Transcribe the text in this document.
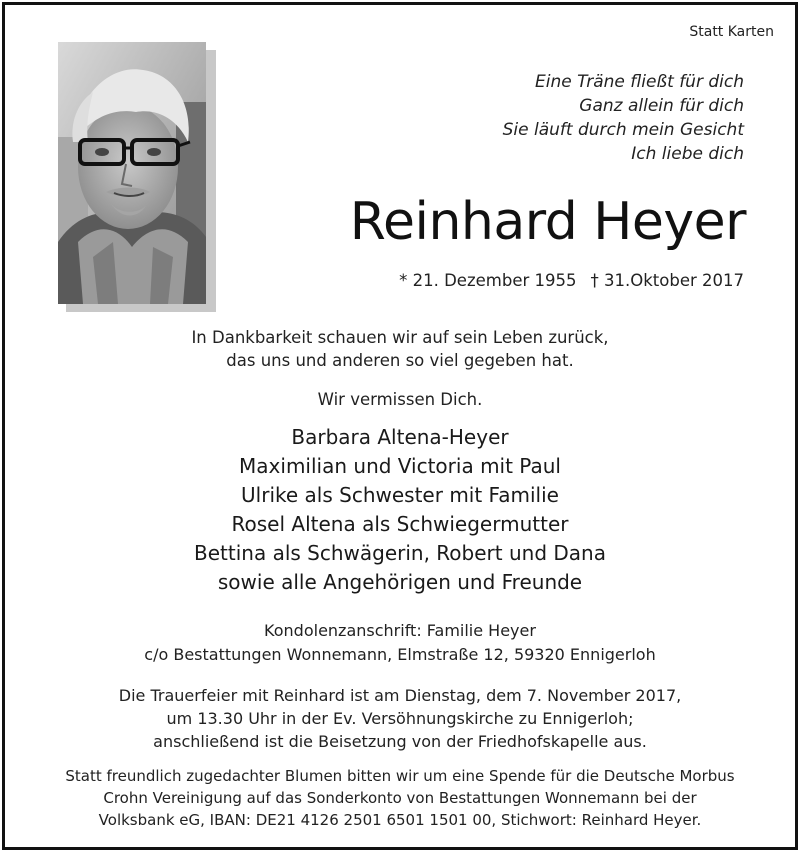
Statt Karten
Eine Träne fließt für dich
Ganz allein für dich
Sie läuft durch mein Gesicht
Ich liebe dich
Reinhard Heyer
* 21. Dezember 1955 † 31.Oktober 2017
In Dankbarkeit schauen wir auf sein Leben zurück,
das uns und anderen so viel gegeben hat.
Wir vermissen Dich.
Barbara Altena-Heyer
Maximilian und Victoria mit Paul
Ulrike als Schwester mit Familie
Rosel Altena als Schwiegermutter
Bettina als Schwägerin, Robert und Dana
sowie alle Angehörigen und Freunde
Kondolenzanschrift: Familie Heyer
c/o Bestattungen Wonnemann, Elmstraße 12, 59320 Ennigerloh
Die Trauerfeier mit Reinhard ist am Dienstag, dem 7. November 2017,
um 13.30 Uhr in der Ev. Versöhnungskirche zu Ennigerloh;
anschließend ist die Beisetzung von der Friedhofskapelle aus.
Statt freundlich zugedachter Blumen bitten wir um eine Spende für die Deutsche Morbus
Crohn Vereinigung auf das Sonderkonto von Bestattungen Wonnemann bei der
Volksbank eG, IBAN: DE21 4126 2501 6501 1501 00, Stichwort: Reinhard Heyer.
